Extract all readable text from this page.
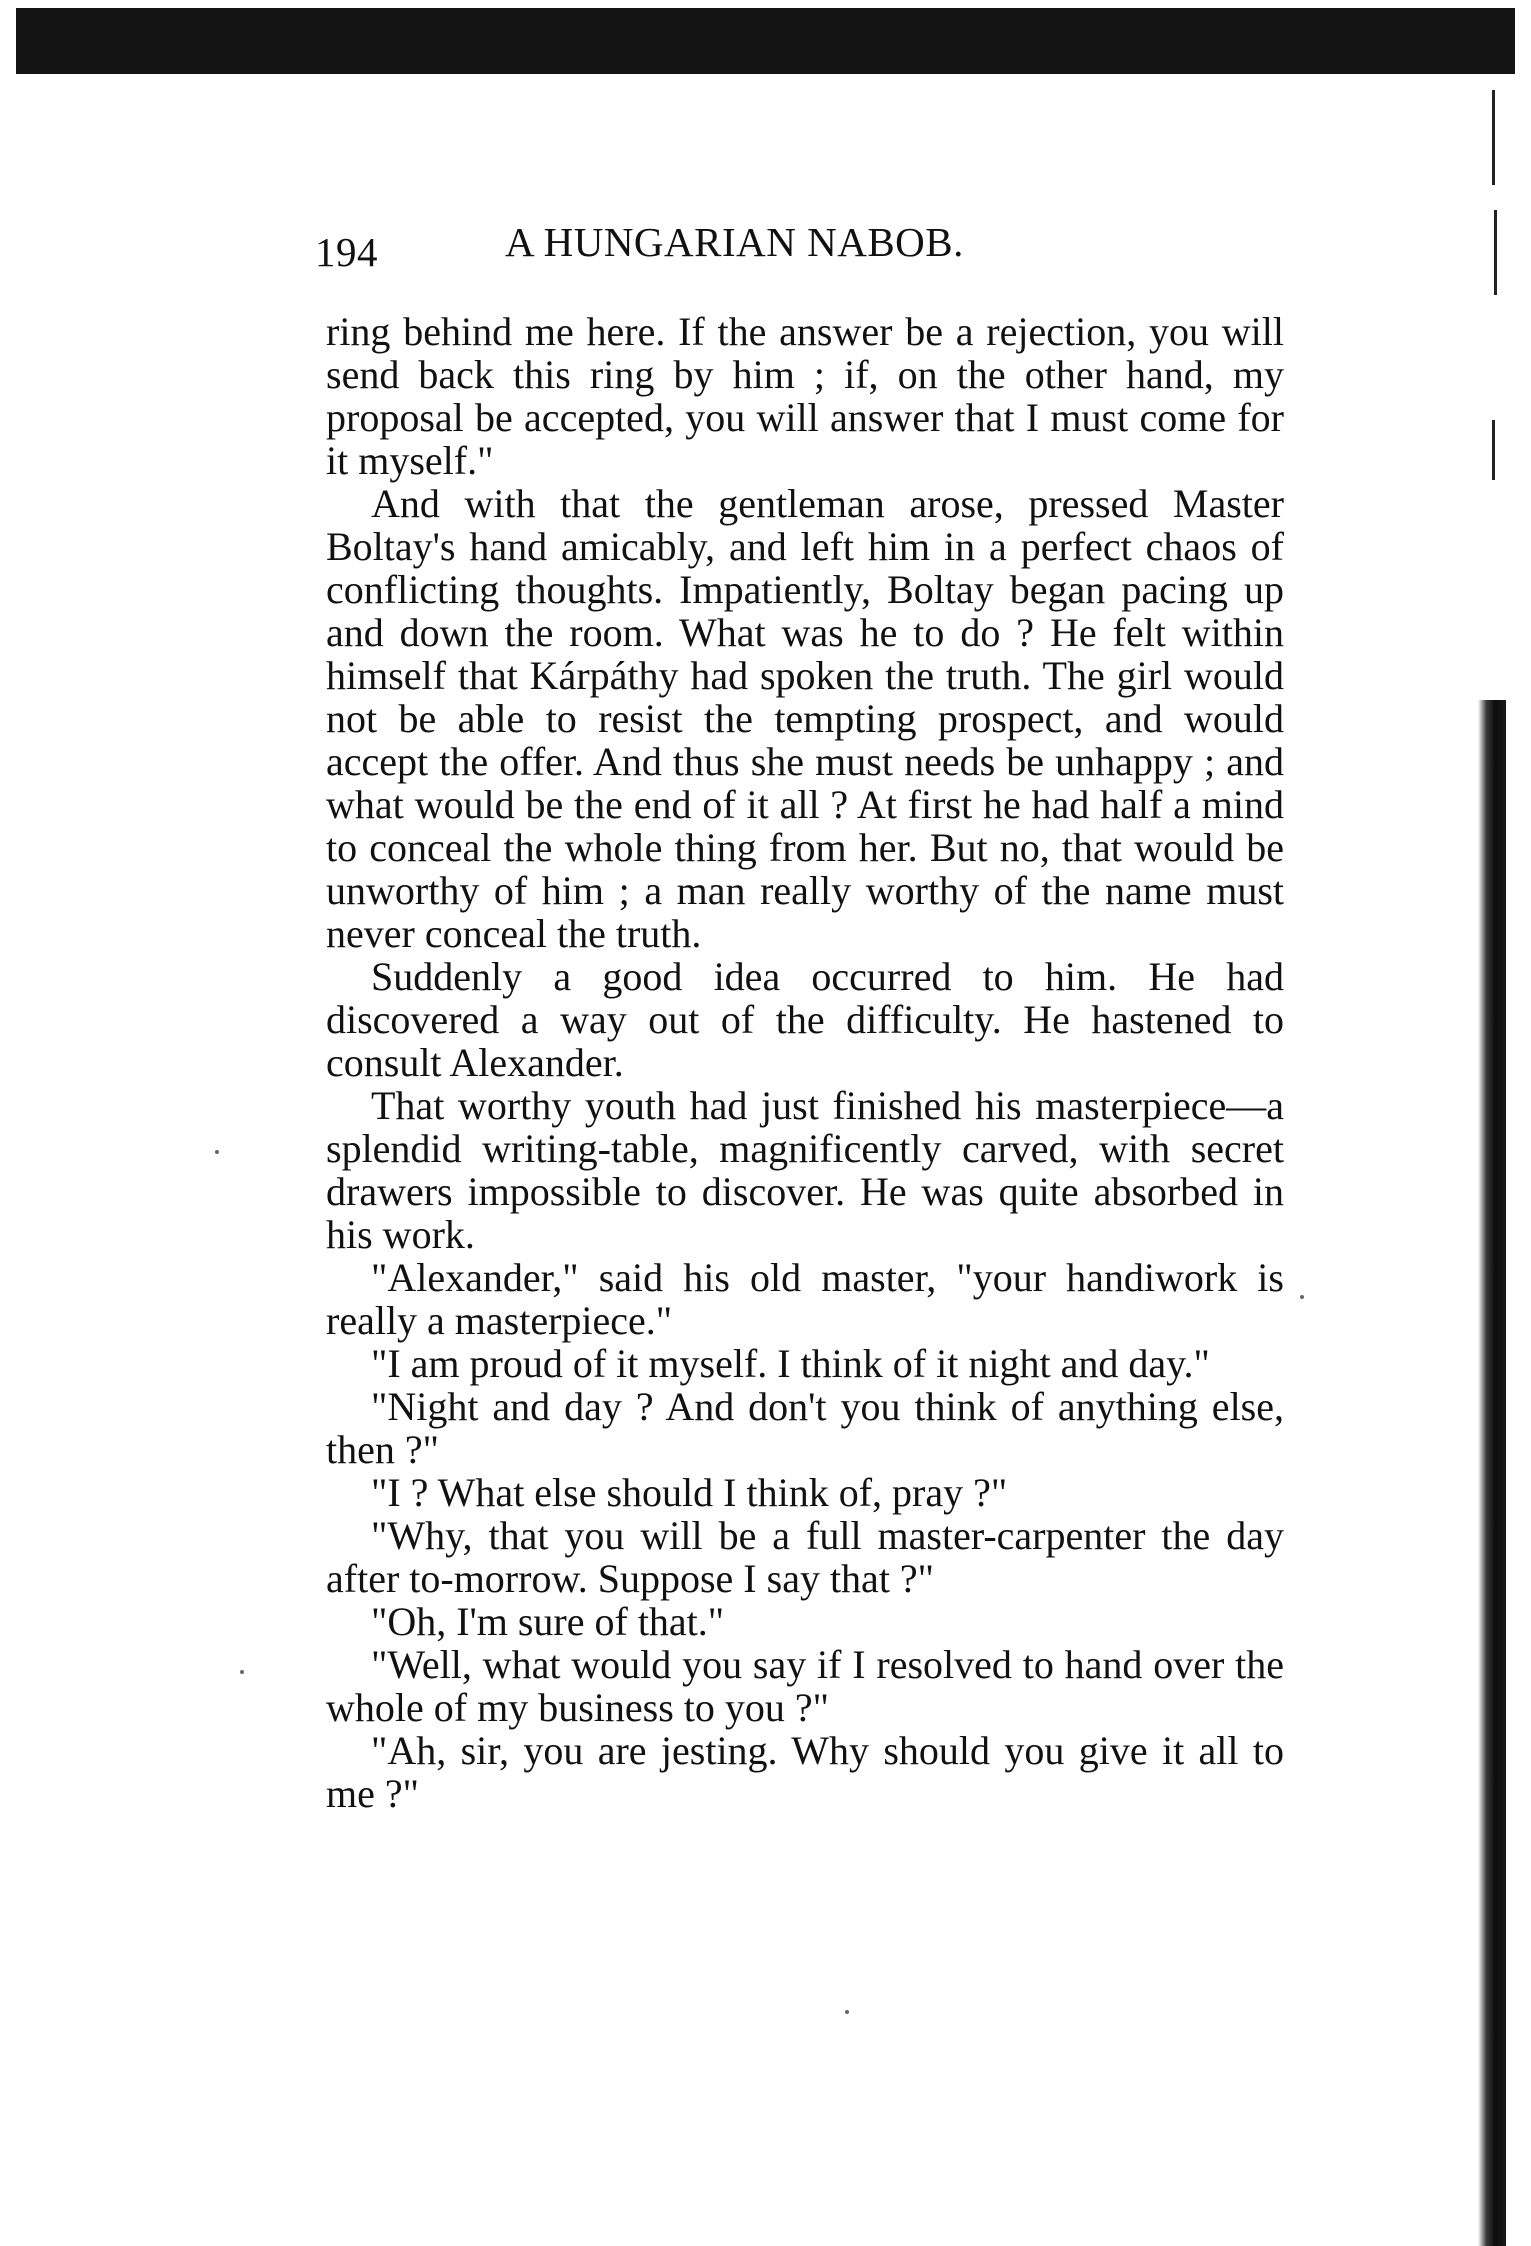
194	A HUNGARIAN NABOB.

ring behind me here. If the answer be a rejection, you will send back this ring by him ; if, on the other hand, my proposal be accepted, you will answer that I must come for it myself."

And with that the gentleman arose, pressed Master Boltay's hand amicably, and left him in a perfect chaos of conflicting thoughts. Impatiently, Boltay began pacing up and down the room. What was he to do ? He felt within himself that Kárpáthy had spoken the truth. The girl would not be able to resist the tempting prospect, and would accept the offer. And thus she must needs be unhappy ; and what would be the end of it all ? At first he had half a mind to conceal the whole thing from her. But no, that would be unworthy of him ; a man really worthy of the name must never conceal the truth.

Suddenly a good idea occurred to him. He had discovered a way out of the difficulty. He hastened to consult Alexander.

That worthy youth had just finished his masterpiece—a splendid writing-table, magnificently carved, with secret drawers impossible to discover. He was quite absorbed in his work.

"Alexander," said his old master, "your handiwork is really a masterpiece."

"I am proud of it myself. I think of it night and day."

"Night and day ? And don't you think of anything else, then ?"

"I ? What else should I think of, pray ?"

"Why, that you will be a full master-carpenter the day after to-morrow. Suppose I say that ?"

"Oh, I'm sure of that."

"Well, what would you say if I resolved to hand over the whole of my business to you ?"

"Ah, sir, you are jesting. Why should you give it all to me ?"
